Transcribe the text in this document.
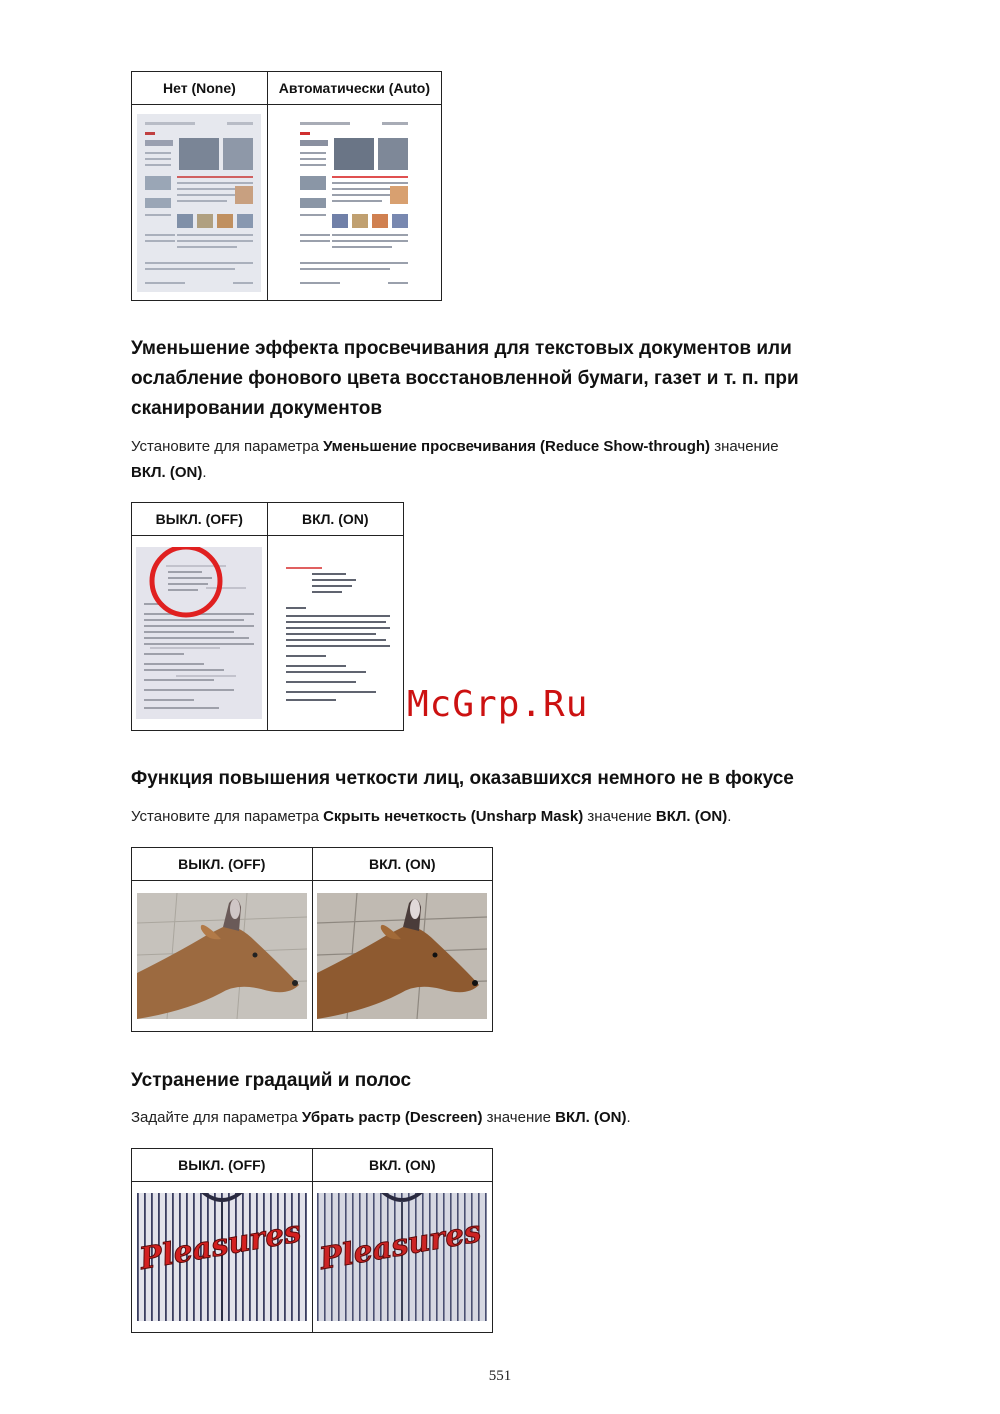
Нет (None)	Автоматически (Auto)

Уменьшение эффекта просвечивания для текстовых документов или
ослабление фонового цвета восстановленной бумаги, газет и т. п. при
сканировании документов

Установите для параметра Уменьшение просвечивания (Reduce Show-through) значение
ВКЛ. (ON).

ВЫКЛ. (OFF)	ВКЛ. (ON)

McGrp.Ru
Функция повышения четкости лиц, оказавшихся немного не в фокусе

Установите для параметра Скрыть нечеткость (Unsharp Mask) значение ВКЛ. (ON).

ВЫКЛ. (OFF)	ВКЛ. (ON)

Устранение градаций и полос

Задайте для параметра Убрать растр (Descreen) значение ВКЛ. (ON).

ВЫКЛ. (OFF)	ВКЛ. (ON)

Pleasures	Pleasures
551
